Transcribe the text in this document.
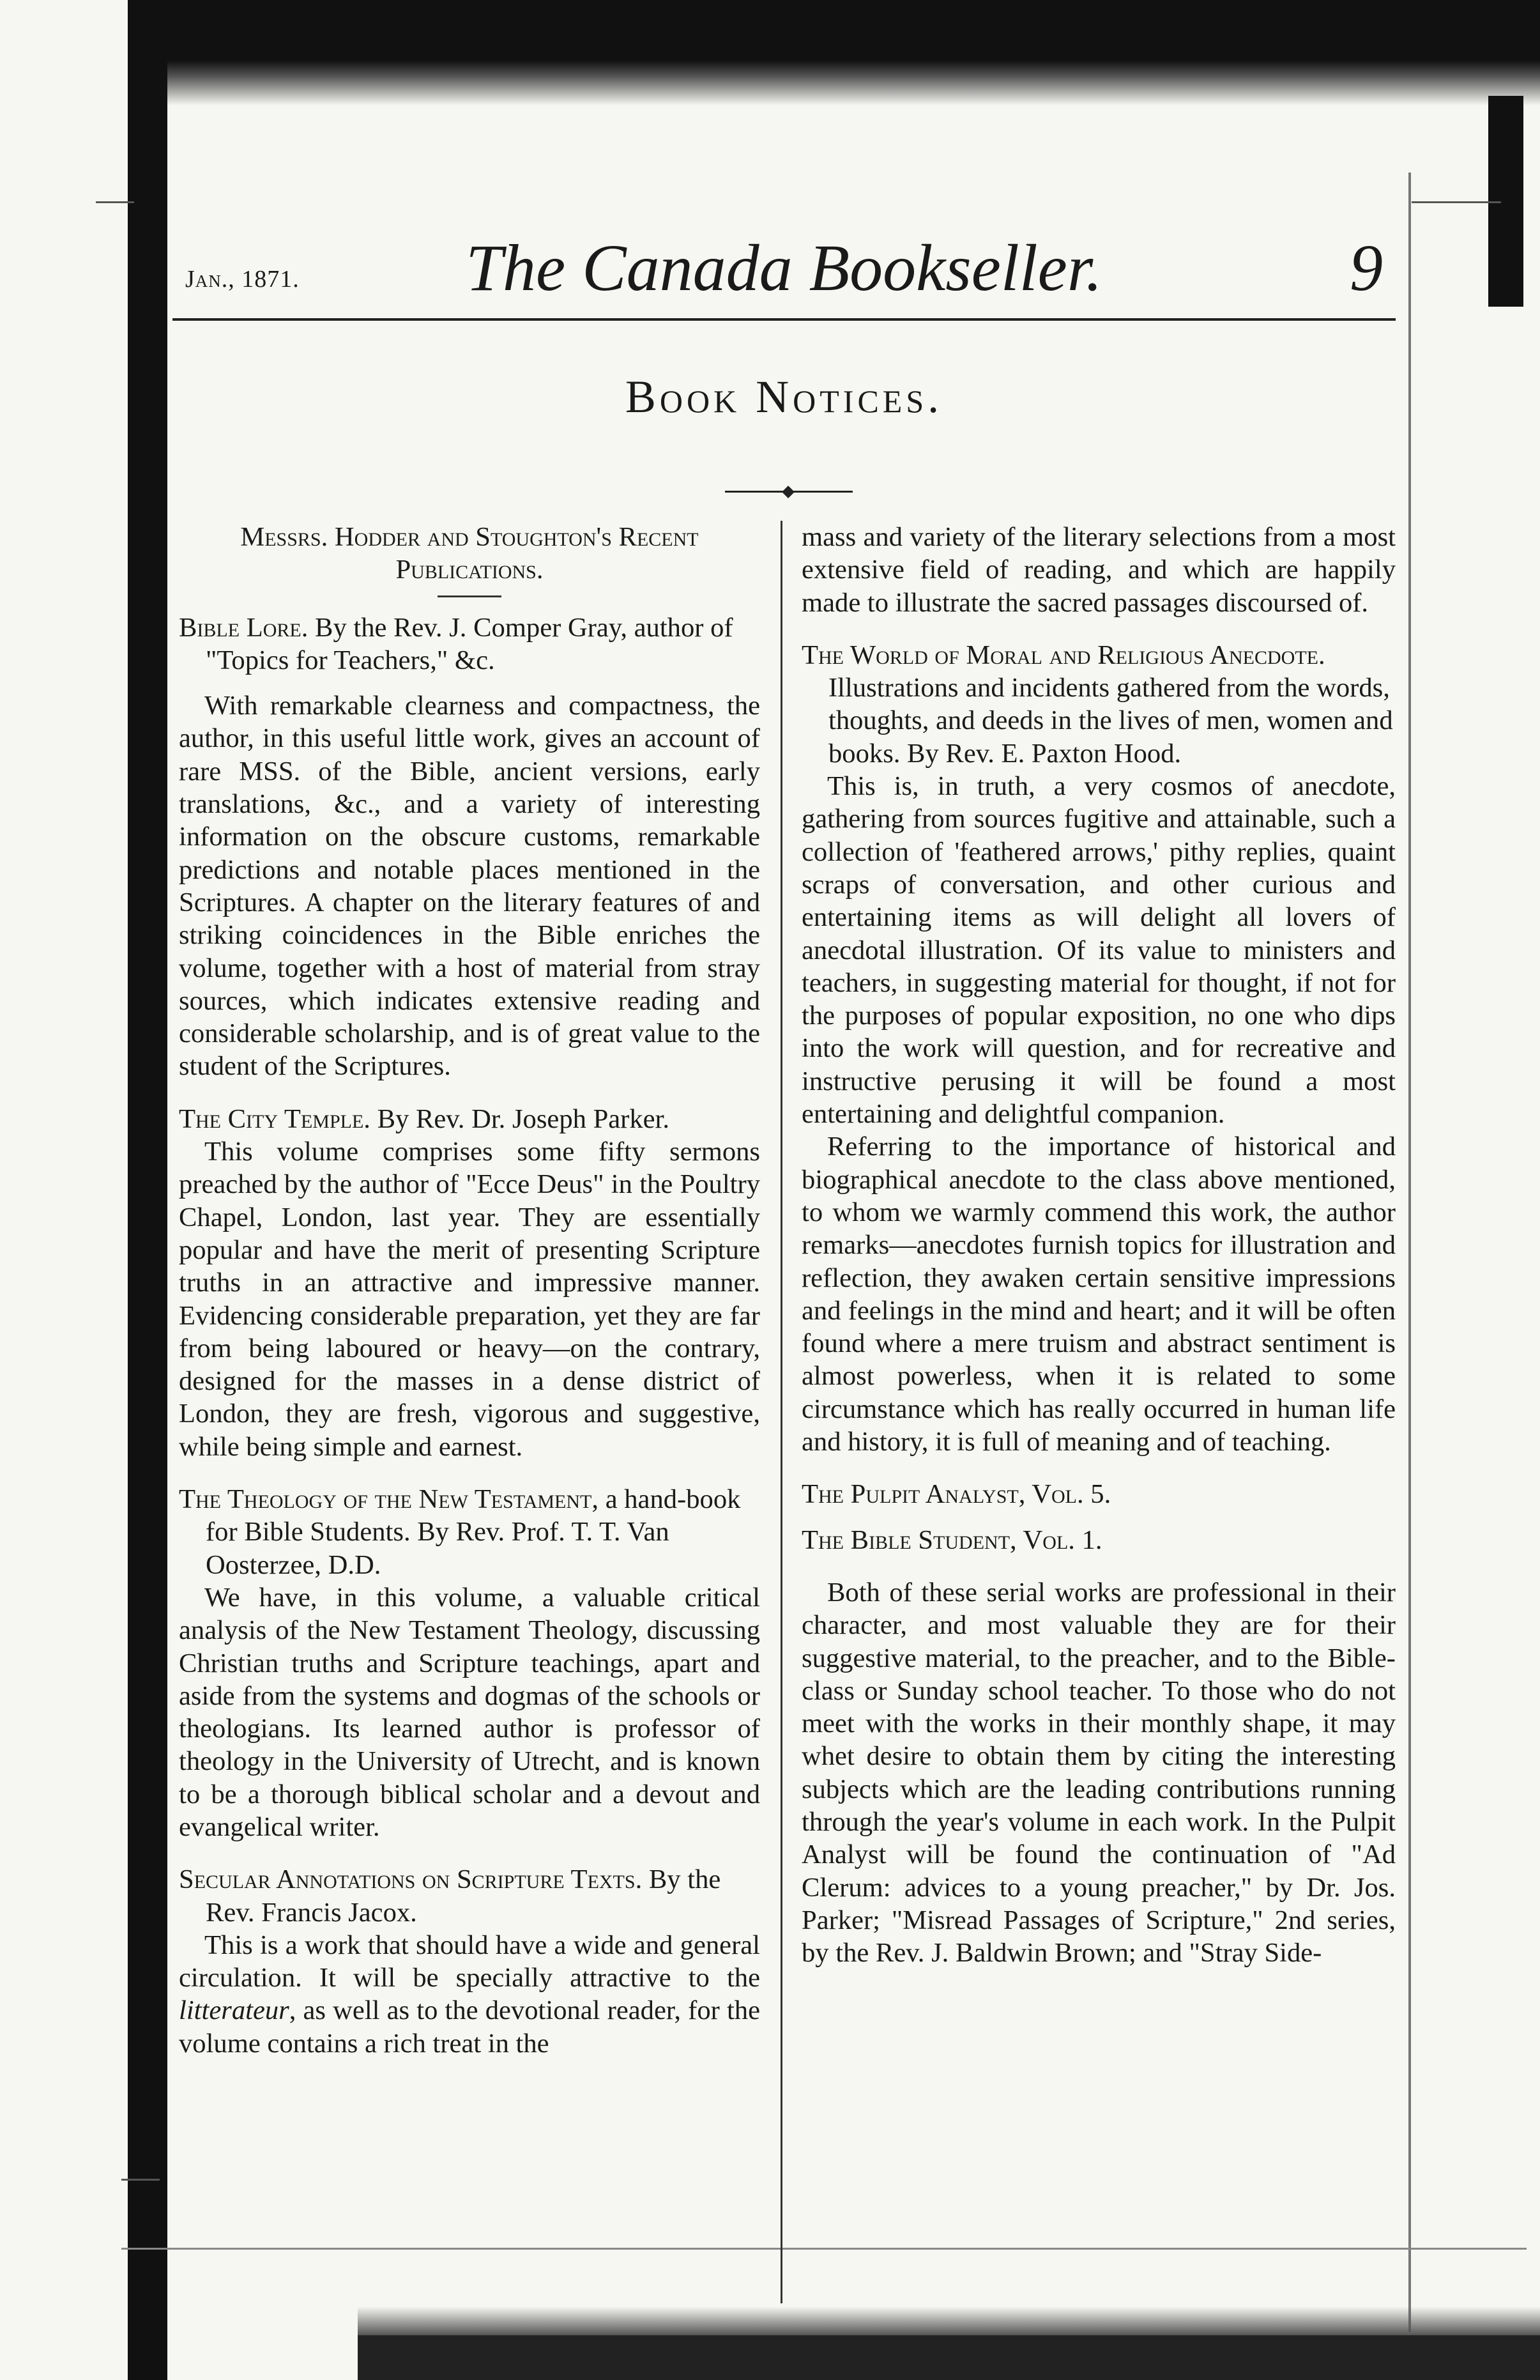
Jan., 1871.	The Canada Bookseller.	9
Book Notices.

Messrs. Hodder and Stoughton's Recent Publications.

Bible Lore. By the Rev. J. Comper Gray, author of "Topics for Teachers," &c.

With remarkable clearness and compactness, the author, in this useful little work, gives an account of rare MSS. of the Bible, ancient versions, early translations, &c., and a variety of interesting information on the obscure customs, remarkable predictions and notable places mentioned in the Scriptures. A chapter on the literary features of and striking coincidences in the Bible enriches the volume, together with a host of material from stray sources, which indicates extensive reading and considerable scholarship, and is of great value to the student of the Scriptures.

The City Temple. By Rev. Dr. Joseph Parker.

This volume comprises some fifty sermons preached by the author of "Ecce Deus" in the Poultry Chapel, London, last year. They are essentially popular and have the merit of presenting Scripture truths in an attractive and impressive manner. Evidencing considerable preparation, yet they are far from being laboured or heavy—on the contrary, designed for the masses in a dense district of London, they are fresh, vigorous and suggestive, while being simple and earnest.

The Theology of the New Testament, a hand-book for Bible Students. By Rev. Prof. T. T. Van Oosterzee, D.D.

We have, in this volume, a valuable critical analysis of the New Testament Theology, discussing Christian truths and Scripture teachings, apart and aside from the systems and dogmas of the schools or theologians. Its learned author is professor of theology in the University of Utrecht, and is known to be a thorough biblical scholar and a devout and evangelical writer.

Secular Annotations on Scripture Texts. By the Rev. Francis Jacox.

This is a work that should have a wide and general circulation. It will be specially attractive to the litterateur, as well as to the devotional reader, for the volume contains a rich treat in the

mass and variety of the literary selections from a most extensive field of reading, and which are happily made to illustrate the sacred passages discoursed of.

The World of Moral and Religious Anecdote. Illustrations and incidents gathered from the words, thoughts, and deeds in the lives of men, women and books. By Rev. E. Paxton Hood.

This is, in truth, a very cosmos of anecdote, gathering from sources fugitive and attainable, such a collection of 'feathered arrows,' pithy replies, quaint scraps of conversation, and other curious and entertaining items as will delight all lovers of anecdotal illustration. Of its value to ministers and teachers, in suggesting material for thought, if not for the purposes of popular exposition, no one who dips into the work will question, and for recreative and instructive perusing it will be found a most entertaining and delightful companion.

Referring to the importance of historical and biographical anecdote to the class above mentioned, to whom we warmly commend this work, the author remarks—anecdotes furnish topics for illustration and reflection, they awaken certain sensitive impressions and feelings in the mind and heart; and it will be often found where a mere truism and abstract sentiment is almost powerless, when it is related to some circumstance which has really occurred in human life and history, it is full of meaning and of teaching.

The Pulpit Analyst, Vol. 5.

The Bible Student, Vol. 1.

Both of these serial works are professional in their character, and most valuable they are for their suggestive material, to the preacher, and to the Bible-class or Sunday school teacher. To those who do not meet with the works in their monthly shape, it may whet desire to obtain them by citing the interesting subjects which are the leading contributions running through the year's volume in each work. In the Pulpit Analyst will be found the continuation of "Ad Clerum: advices to a young preacher," by Dr. Jos. Parker; "Misread Passages of Scripture," 2nd series, by the Rev. J. Baldwin Brown; and "Stray Side-
